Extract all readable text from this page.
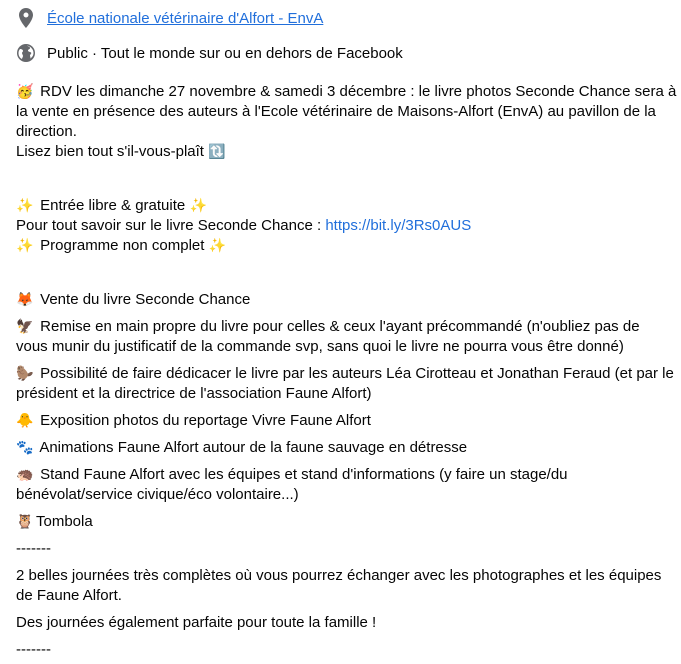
École nationale vétérinaire d'Alfort - EnvA
Public · Tout le monde sur ou en dehors de Facebook
🥳 RDV les dimanche 27 novembre & samedi 3 décembre : le livre photos Seconde Chance sera à
la vente en présence des auteurs à l'Ecole vétérinaire de Maisons-Alfort (EnvA) au pavillon de la
direction.
Lisez bien tout s'il-vous-plaît 🔃
✨ Entrée libre & gratuite ✨
Pour tout savoir sur le livre Seconde Chance : https://bit.ly/3Rs0AUS
✨ Programme non complet ✨
🦊 Vente du livre Seconde Chance
🦅 Remise en main propre du livre pour celles & ceux l'ayant précommandé (n'oubliez pas de
vous munir du justificatif de la commande svp, sans quoi le livre ne pourra vous être donné)
🦫 Possibilité de faire dédicacer le livre par les auteurs Léa Cirotteau et Jonathan Feraud (et par le
président et la directrice de l'association Faune Alfort)
🐥 Exposition photos du reportage Vivre Faune Alfort
🐾 Animations Faune Alfort autour de la faune sauvage en détresse
🦔 Stand Faune Alfort avec les équipes et stand d'informations (y faire un stage/du
bénévolat/service civique/éco volontaire...)
🦉 Tombola
-------
2 belles journées très complètes où vous pourrez échanger avec les photographes et les équipes
de Faune Alfort.
Des journées également parfaite pour toute la famille !
-------
